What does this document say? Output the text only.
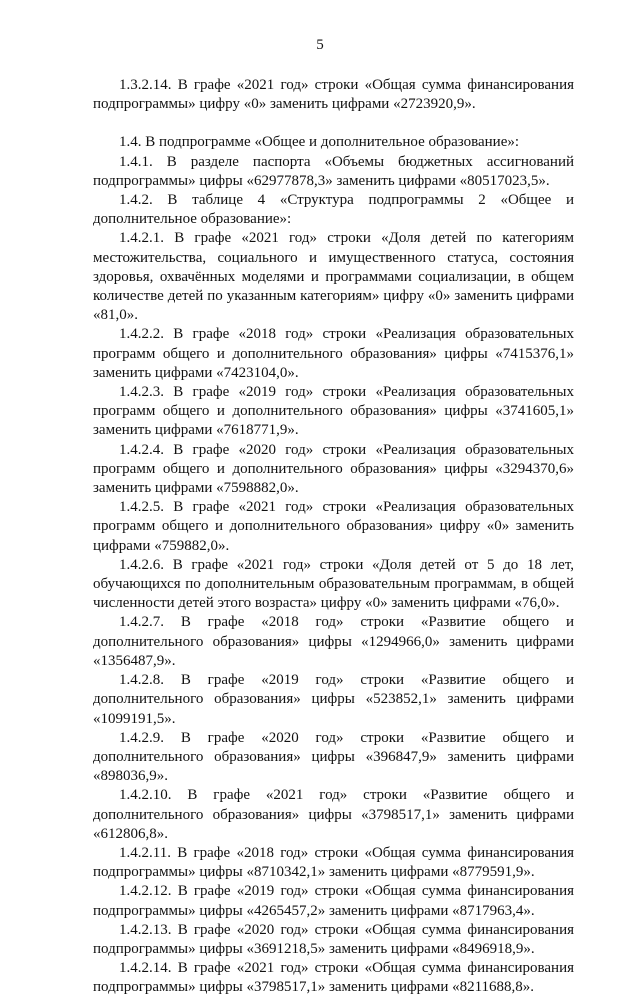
5

1.3.2.14. В графе «2021 год» строки «Общая сумма финансирования подпрограммы» цифру «0» заменить цифрами «2723920,9».

1.4. В подпрограмме «Общее и дополнительное образование»:

1.4.1. В разделе паспорта «Объемы бюджетных ассигнований подпрограммы» цифры «62977878,3» заменить цифрами «80517023,5».

1.4.2. В таблице 4 «Структура подпрограммы 2 «Общее и дополнительное образование»:

1.4.2.1. В графе «2021 год» строки «Доля детей по категориям местожительства, социального и имущественного статуса, состояния здоровья, охвачённых моделями и программами социализации, в общем количестве детей по указанным категориям» цифру «0» заменить цифрами «81,0».

1.4.2.2. В графе «2018 год» строки «Реализация образовательных программ общего и дополнительного образования» цифры «7415376,1» заменить цифрами «7423104,0».

1.4.2.3. В графе «2019 год» строки «Реализация образовательных программ общего и дополнительного образования» цифры «3741605,1» заменить цифрами «7618771,9».

1.4.2.4. В графе «2020 год» строки «Реализация образовательных программ общего и дополнительного образования» цифры «3294370,6» заменить цифрами «7598882,0».

1.4.2.5. В графе «2021 год» строки «Реализация образовательных программ общего и дополнительного образования» цифру «0» заменить цифрами «759882,0».

1.4.2.6. В графе «2021 год» строки «Доля детей от 5 до 18 лет, обучающихся по дополнительным образовательным программам, в общей численности детей этого возраста» цифру «0» заменить цифрами «76,0».

1.4.2.7. В графе «2018 год» строки «Развитие общего и дополнительного образования» цифры «1294966,0» заменить цифрами «1356487,9».

1.4.2.8. В графе «2019 год» строки «Развитие общего и дополнительного образования» цифры «523852,1» заменить цифрами «1099191,5».

1.4.2.9. В графе «2020 год» строки «Развитие общего и дополнительного образования» цифры «396847,9» заменить цифрами «898036,9».

1.4.2.10. В графе «2021 год» строки «Развитие общего и дополнительного образования» цифры «3798517,1» заменить цифрами «612806,8».

1.4.2.11. В графе «2018 год» строки «Общая сумма финансирования подпрограммы» цифры «8710342,1» заменить цифрами «8779591,9».

1.4.2.12. В графе «2019 год» строки «Общая сумма финансирования подпрограммы» цифры «4265457,2» заменить цифрами «8717963,4».

1.4.2.13. В графе «2020 год» строки «Общая сумма финансирования подпрограммы» цифры «3691218,5» заменить цифрами «8496918,9».

1.4.2.14. В графе «2021 год» строки «Общая сумма финансирования подпрограммы» цифры «3798517,1» заменить цифрами «8211688,8».
